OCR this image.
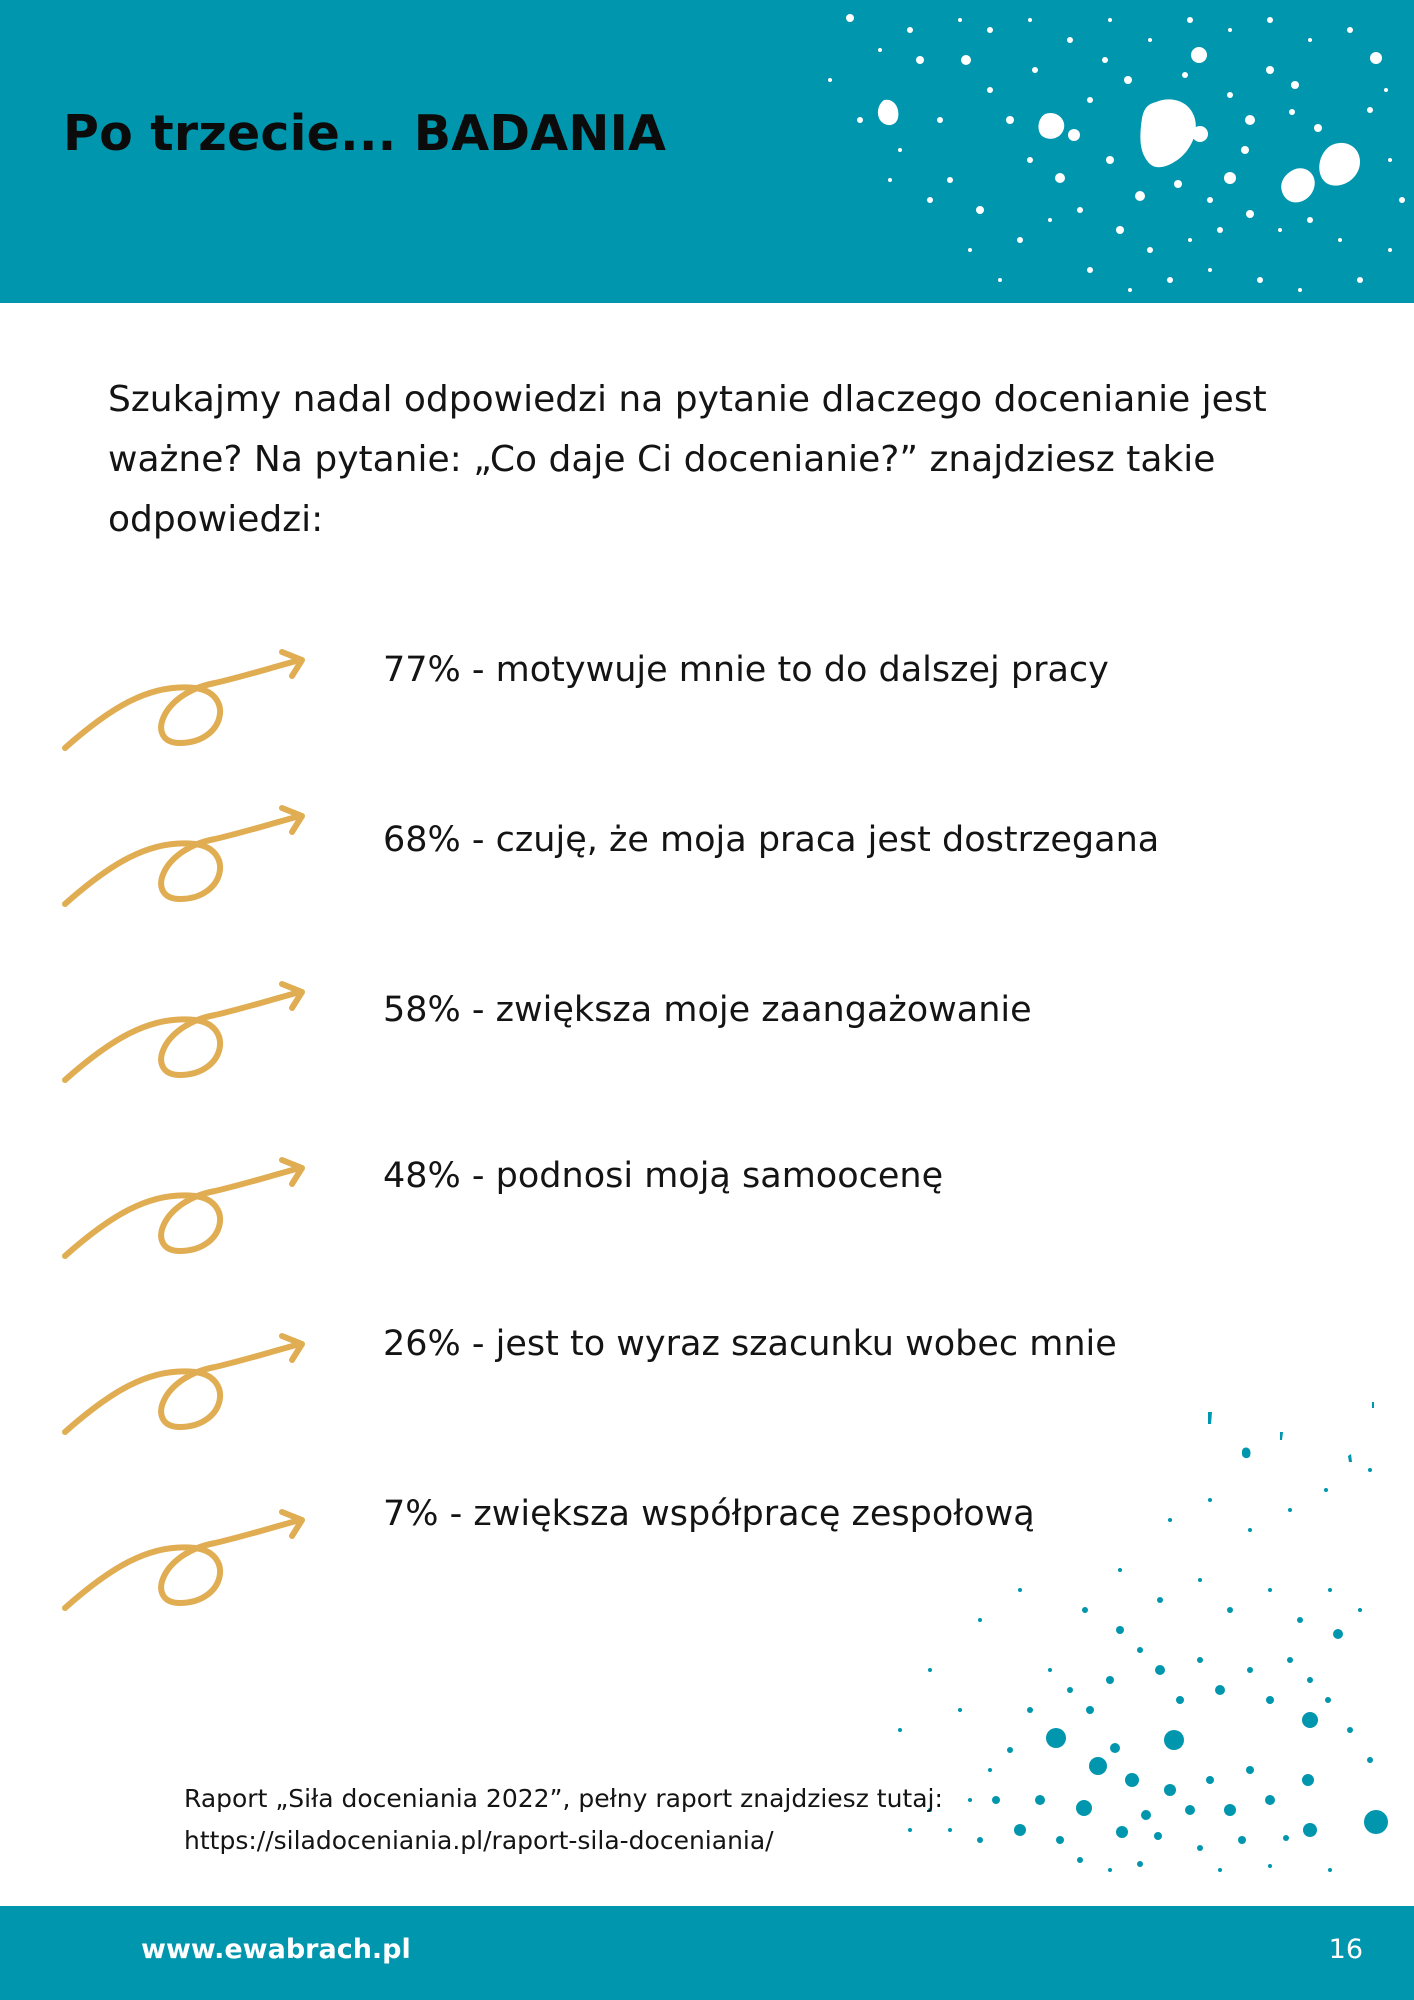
Po trzecie... BADANIA

Szukajmy nadal odpowiedzi na pytanie dlaczego docenianie jest ważne? Na pytanie: „Co daje Ci docenianie?” znajdziesz takie odpowiedzi:

77% - motywuje mnie to do dalszej pracy
68% - czuję, że moja praca jest dostrzegana
58% - zwiększa moje zaangażowanie
48% - podnosi moją samoocenę
26% - jest to wyraz szacunku wobec mnie
7% - zwiększa współpracę zespołową
Raport „Siła doceniania 2022”, pełny raport znajdziesz tutaj:
https://siladoceniania.pl/raport-sila-doceniania/
www.ewabrach.pl	16
